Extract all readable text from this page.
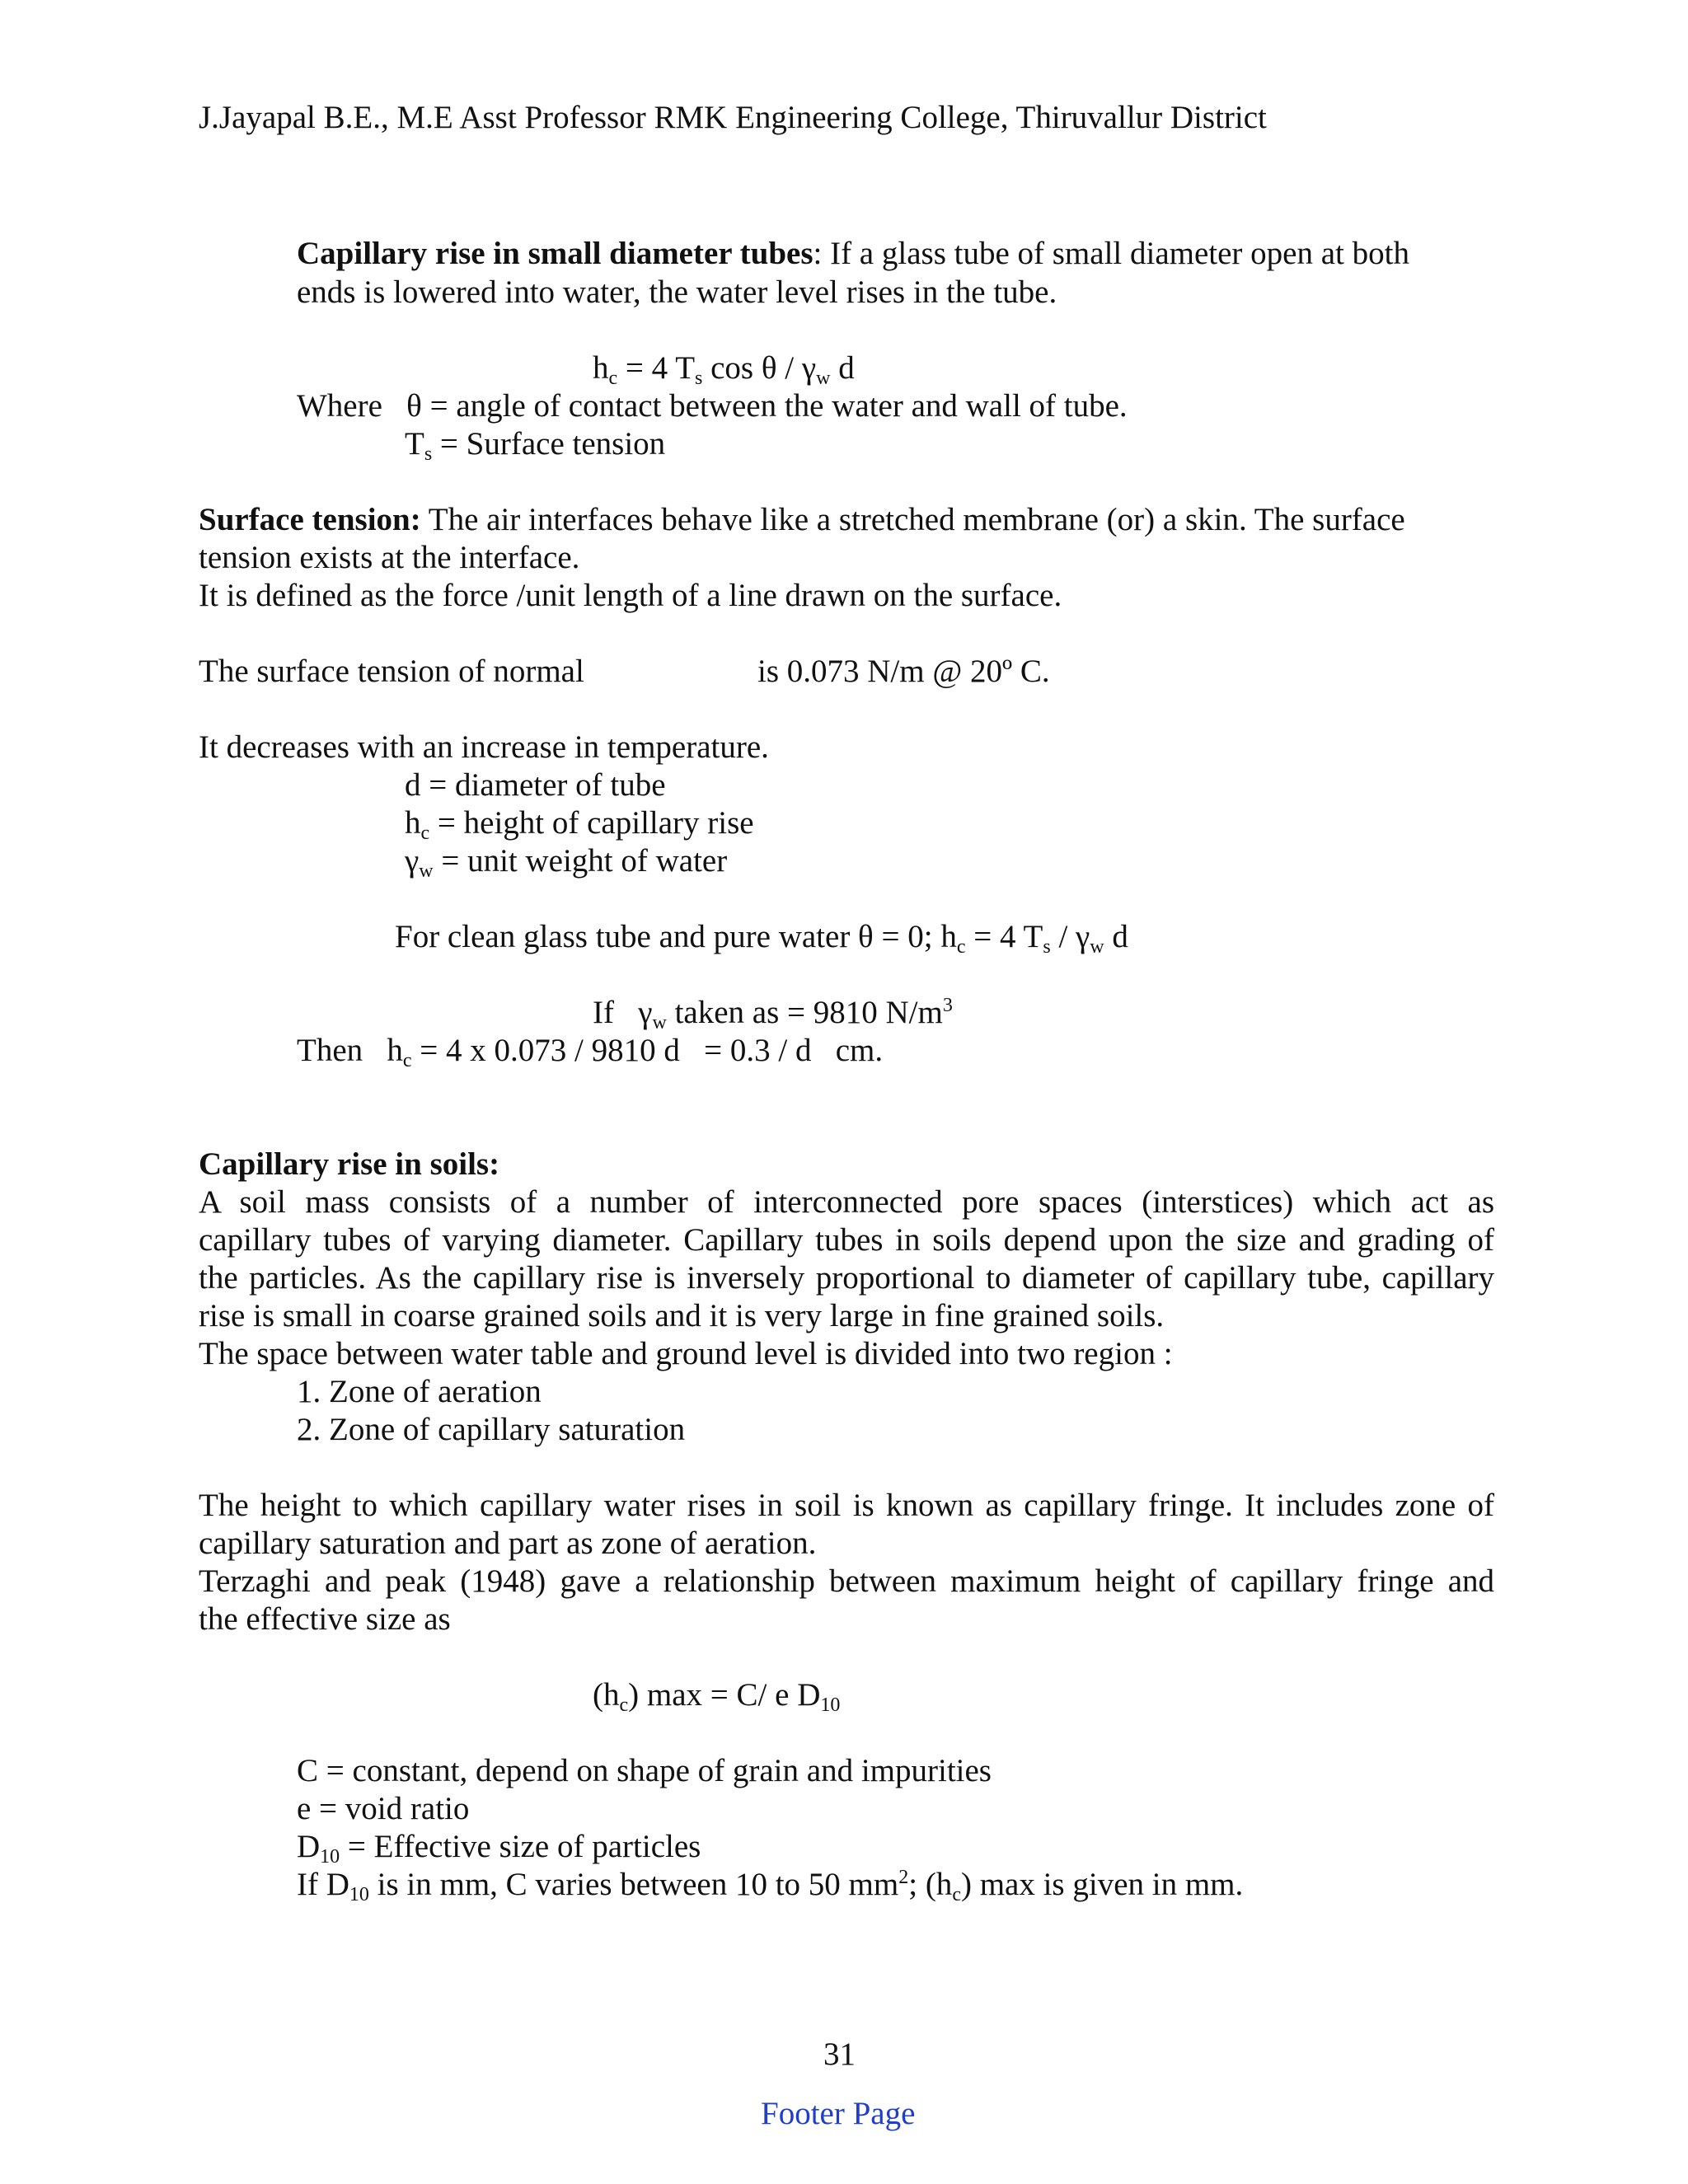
J.Jayapal B.E., M.E Asst Professor RMK Engineering College, Thiruvallur District
Capillary rise in small diameter tubes: If a glass tube of small diameter open at both
ends is lowered into water, the water level rises in the tube.
$h_c = 4$ $T_s$ cos θ / $\gamma_w$ d
Where   θ = angle of contact between the water and wall of tube.
$T_s$ = Surface tension
Surface tension: The air interfaces behave like a stretched membrane (or) a skin. The surface
tension exists at the interface.
It is defined as the force /unit length of a line drawn on the surface.
The surface tension of normal	is 0.073 N/m @ 20º C.
It decreases with an increase in temperature.
d = diameter of tube
$h_c$ = height of capillary rise
$\gamma_w$ = unit weight of water
For clean glass tube and pure water θ = 0; $h_c = 4$ $T_s / \gamma_w$ d
If   $\gamma_w$ taken as = 9810 $N/m^3$
Then   $h_c = 4$ x 0.073 / 9810 d   = 0.3 / d   cm.
Capillary rise in soils:
A soil mass consists of a number of interconnected pore spaces (interstices) which act as
capillary tubes of varying diameter. Capillary tubes in soils depend upon the size and grading of
the particles. As the capillary rise is inversely proportional to diameter of capillary tube, capillary
rise is small in coarse grained soils and it is very large in fine grained soils.
The space between water table and ground level is divided into two region :
1. Zone of aeration
2. Zone of capillary saturation
The height to which capillary water rises in soil is known as capillary fringe. It includes zone of
capillary saturation and part as zone of aeration.
Terzaghi and peak (1948) gave a relationship between maximum height of capillary fringe and
the effective size as
$(h_c) \max = C/$ e $D_{10}$
C = constant, depend on shape of grain and impurities
e = void ratio
$D_{10}$ = Effective size of particles
If $D_{10}$ is in mm, C varies between 10 to 50 $mm^2$; $(h_c)$ max is given in mm.
31
Footer Page
